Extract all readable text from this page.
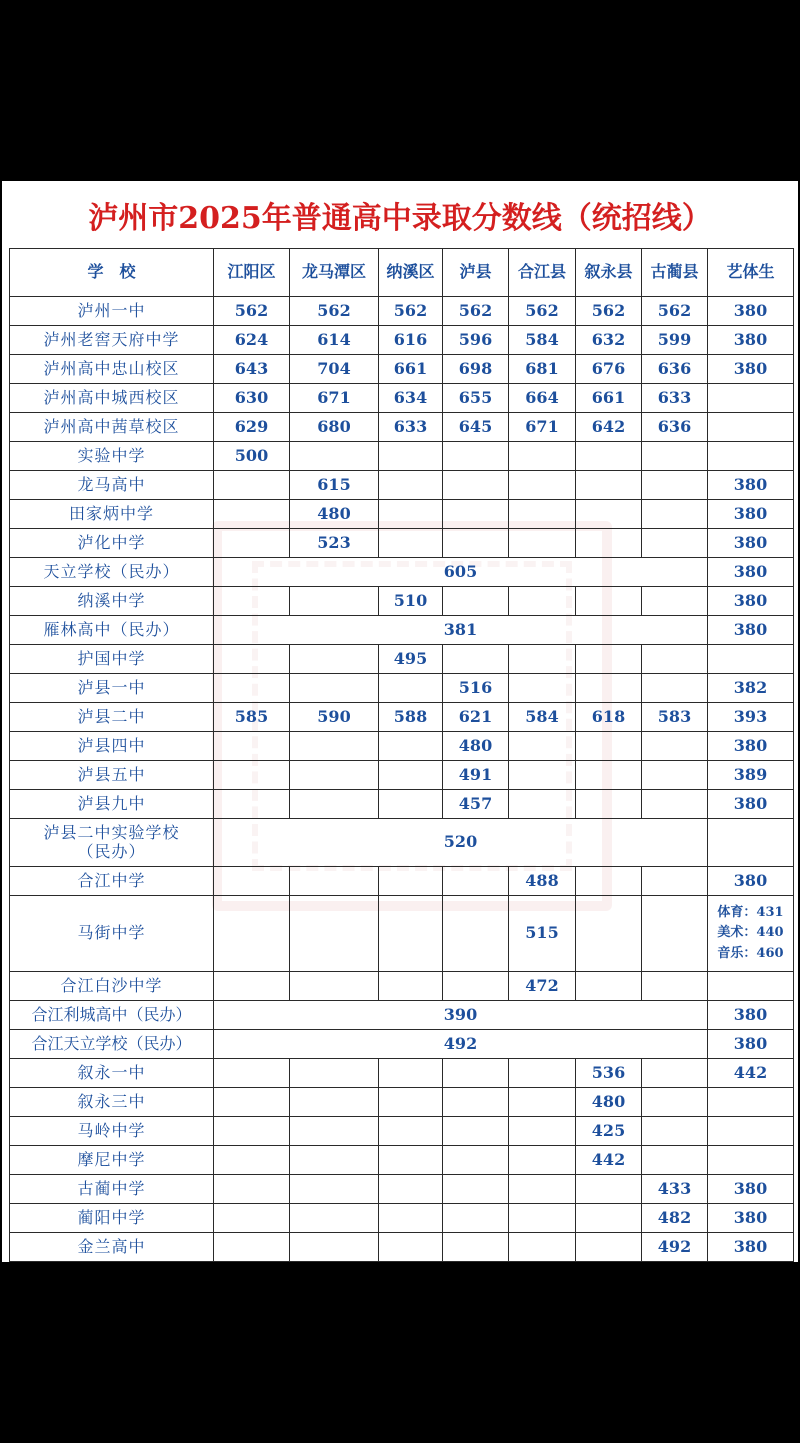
泸州市2025年普通高中录取分数线（统招线）
学　校	江阳区	龙马潭区	纳溪区	泸县	合江县	叙永县	古蔺县	艺体生
泸州一中	562	562	562	562	562	562	562	380
泸州老窖天府中学	624	614	616	596	584	632	599	380
泸州高中忠山校区	643	704	661	698	681	676	636	380
泸州高中城西校区	630	671	634	655	664	661	633	
泸州高中茜草校区	629	680	633	645	671	642	636	
实验中学	500							
龙马高中		615						380
田家炳中学		480						380
泸化中学		523						380
天立学校（民办）	605							380
纳溪中学			510					380
雁林高中（民办）	381							380
护国中学			495					
泸县一中				516				382
泸县二中	585	590	588	621	584	618	583	393
泸县四中				480				380
泸县五中				491				389
泸县九中				457				380

泸县二中实验学校
（民办）	520							
合江中学					488			380
马街中学					515			体育：431
美术：440
音乐：460

合江白沙中学					472			
合江利城高中（民办）	390							380
合江天立学校（民办）	492							380
叙永一中						536		442
叙永三中						480		
马岭中学						425		
摩尼中学						442		
古蔺中学							433	380
蔺阳中学							482	380
金兰高中							492	380
